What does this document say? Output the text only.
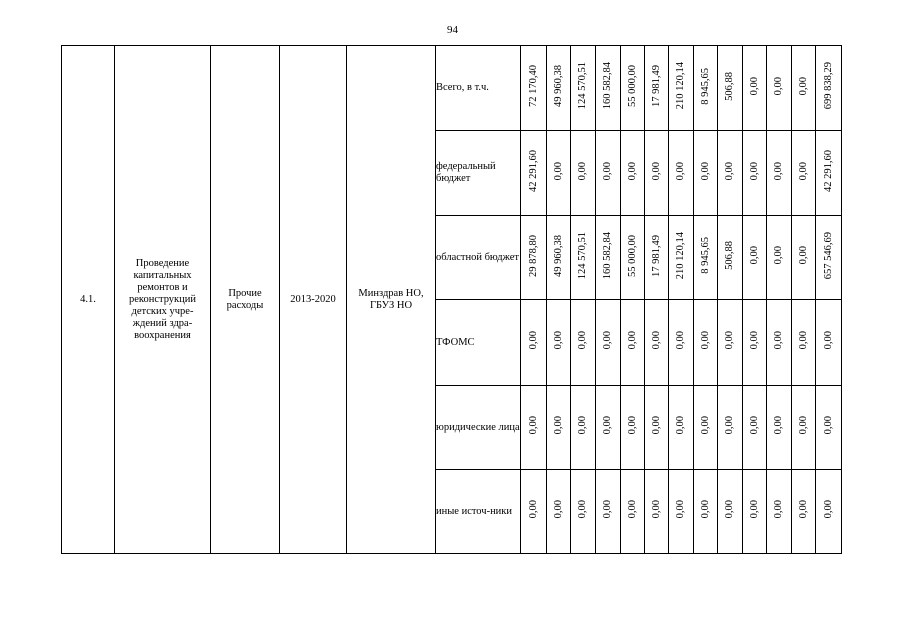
94
4.1.	Проведение капитальных ремонтов и реконструкций детских учре-ждений здра-воохранения	Прочие расходы	2013-2020	Минздрав НО, ГБУЗ НО	Всего, в т.ч.	72 170,40	49 960,38	124 570,51	160 582,84	55 000,00	17 981,49	210 120,14	8 945,65	506,88	0,00	0,00	0,00	699 838,29
					федеральный бюджет	42 291,60	0,00	0,00	0,00	0,00	0,00	0,00	0,00	0,00	0,00	0,00	0,00	42 291,60
					областной бюджет	29 878,80	49 960,38	124 570,51	160 582,84	55 000,00	17 981,49	210 120,14	8 945,65	506,88	0,00	0,00	0,00	657 546,69
					ТФОМС	0,00	0,00	0,00	0,00	0,00	0,00	0,00	0,00	0,00	0,00	0,00	0,00	0,00
					юридические лица	0,00	0,00	0,00	0,00	0,00	0,00	0,00	0,00	0,00	0,00	0,00	0,00	0,00
					иные источ-ники	0,00	0,00	0,00	0,00	0,00	0,00	0,00	0,00	0,00	0,00	0,00	0,00	0,00
